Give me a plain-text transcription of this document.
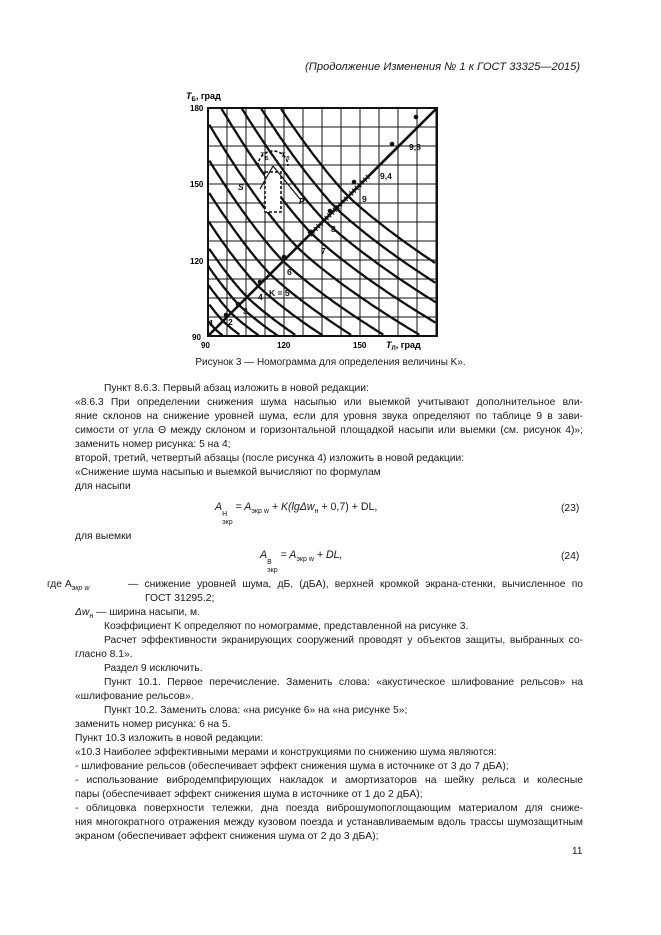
(Продолжение Изменения № 1 к ГОСТ 33325—2015)
$T_Б$, град
$T_Л$, град
180
150
120
90
90	120	150
1 2
3
4 K = 5
6
7
8
9
9,4
9,8
S
P
T Б T Л
Рисунок 3 — Номограмма для определения величины K».
Пункт 8.6.3. Первый абзац изложить в новой редакции:
«8.6.3 При определении снижения шума насыпью или выемкой учитывают дополнительное вли-
яние склонов на снижение уровней шума, если для уровня звука определяют по таблице 9 в зави-
симости от угла Θ между склоном и горизонтальной площадкой насыпи или выемки (см. рисунок 4)»;
заменить номер рисунка: 5 на 4;
второй, третий, четвертый абзацы (после рисунка 4) изложить в новой редакции:
«Снижение шума насыпью и выемкой вычисляют по формулам
для насыпи
A
Н
экр
= $A_{экр w} + K(\lg\Delta w_н + 0,7)$ + DL,	(23)
для выемки
A
В
экр
= $A_{экр w}$ + DL,	(24)
где $A_{экр w}$	— снижение уровней шума, дБ, (дБA), верхней кромкой экрана-стенки, вычисленное по
ГОСТ 31295.2;
$\Delta w_н$ — ширина насыпи, м.
Коэффициент K определяют по номограмме, представленной на рисунке 3.
Расчет эффективности экранирующих сооружений проводят у объектов защиты, выбранных со-
гласно 8.1».
Раздел 9 исключить.
Пункт 10.1. Первое перечисление. Заменить слова: «акустическое шлифование рельсов» на
«шлифование рельсов».
Пункт 10.2. Заменить слова: «на рисунке 6» на «на рисунке 5»;
заменить номер рисунка: 6 на 5.
Пункт 10.3 изложить в новой редакции:
«10.3 Наиболее эффективными мерами и конструкциями по снижению шума являются:
- шлифование рельсов (обеспечивает эффект снижения шума в источнике от 3 до 7 дБA);
- использование вибродемпфирующих накладок и амортизаторов на шейку рельса и колесные
пары (обеспечивает эффект снижения шума в источнике от 1 до 2 дБA);
- облицовка поверхности тележки, дна поезда виброшумопоглощающим материалом для сниже-
ния многократного отражения между кузовом поезда и устанавливаемым вдоль трассы шумозащитным
экраном (обеспечивает эффект снижения шума от 2 до 3 дБA);
11
